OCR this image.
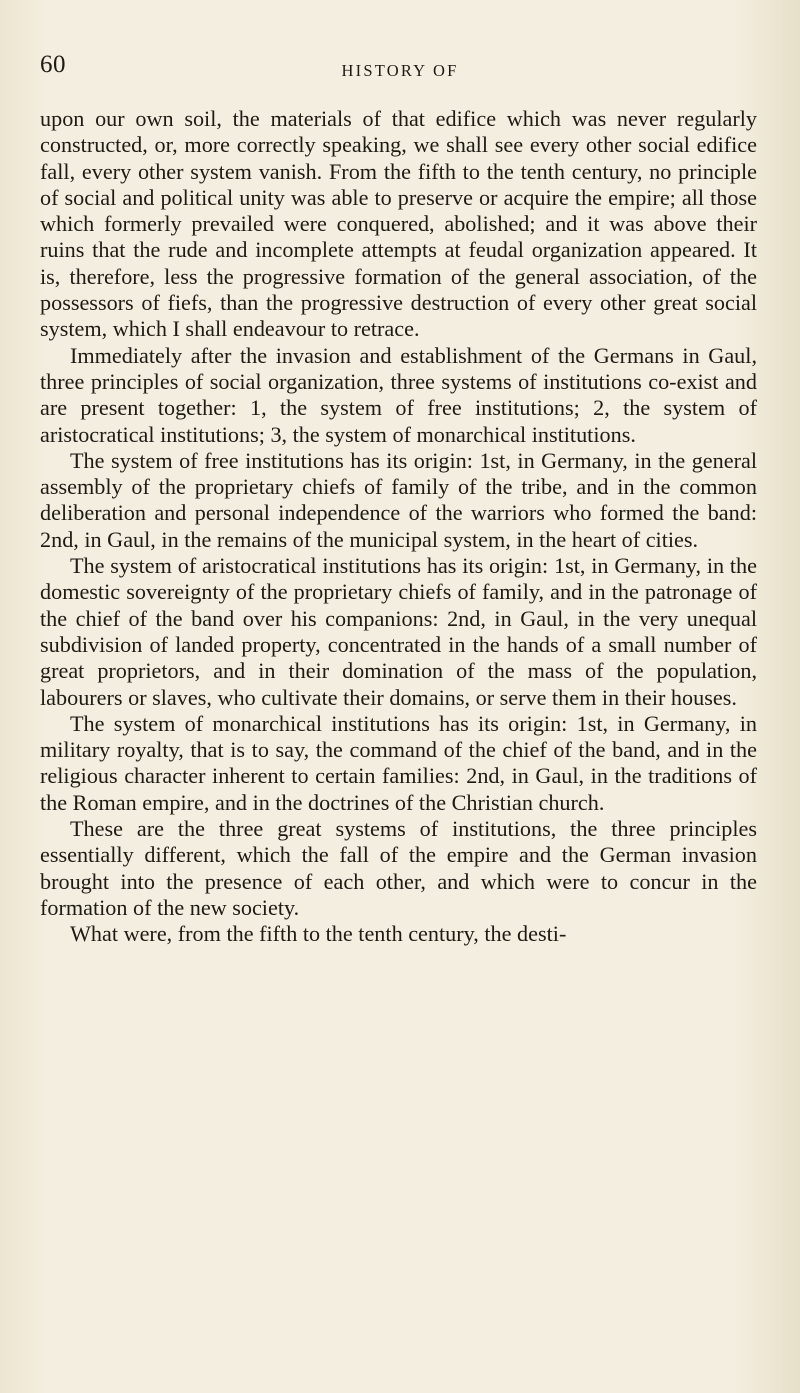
60	HISTORY OF

upon our own soil, the materials of that edifice which was never regularly constructed, or, more correctly speaking, we shall see every other social edifice fall, every other system vanish. From the fifth to the tenth century, no principle of social and political unity was able to preserve or acquire the empire; all those which formerly prevailed were conquered, abolished; and it was above their ruins that the rude and incomplete attempts at feudal organization appeared. It is, therefore, less the progressive formation of the general association, of the possessors of fiefs, than the progressive destruction of every other great social system, which I shall endeavour to retrace.

Immediately after the invasion and establishment of the Germans in Gaul, three principles of social organization, three systems of institutions co-exist and are present together: 1, the system of free institutions; 2, the system of aristocratical institutions; 3, the system of monarchical institutions.

The system of free institutions has its origin: 1st, in Germany, in the general assembly of the proprietary chiefs of family of the tribe, and in the common deliberation and personal independence of the warriors who formed the band: 2nd, in Gaul, in the remains of the municipal system, in the heart of cities.

The system of aristocratical institutions has its origin: 1st, in Germany, in the domestic sovereignty of the proprietary chiefs of family, and in the patronage of the chief of the band over his companions: 2nd, in Gaul, in the very unequal subdivision of landed property, concentrated in the hands of a small number of great proprietors, and in their domination of the mass of the population, labourers or slaves, who cultivate their domains, or serve them in their houses.

The system of monarchical institutions has its origin: 1st, in Germany, in military royalty, that is to say, the command of the chief of the band, and in the religious character inherent to certain families: 2nd, in Gaul, in the traditions of the Roman empire, and in the doctrines of the Christian church.

These are the three great systems of institutions, the three principles essentially different, which the fall of the empire and the German invasion brought into the presence of each other, and which were to concur in the formation of the new society.

What were, from the fifth to the tenth century, the desti-
